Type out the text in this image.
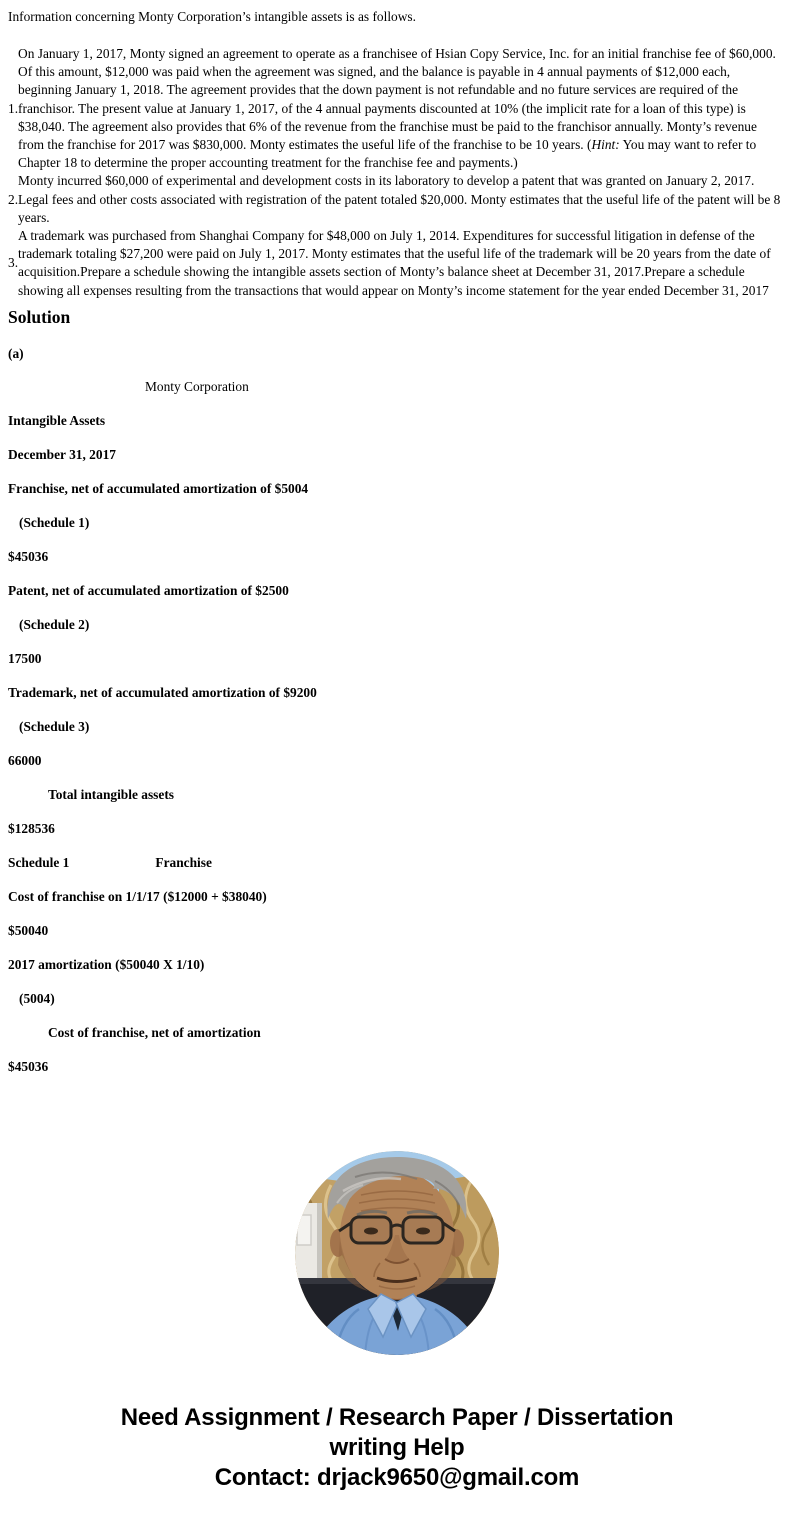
Information concerning Monty Corporation’s intangible assets is as follows.

1.
On January 1, 2017, Monty signed an agreement to operate as a franchisee of Hsian Copy Service, Inc. for an initial franchise fee of $60,000. Of this amount, $12,000 was paid when the agreement was signed, and the balance is payable in 4 annual payments of $12,000 each, beginning January 1, 2018. The agreement provides that the down payment is not refundable and no future services are required of the franchisor. The present value at January 1, 2017, of the 4 annual payments discounted at 10% (the implicit rate for a loan of this type) is $38,040. The agreement also provides that 6% of the revenue from the franchise must be paid to the franchisor annually. Monty’s revenue from the franchise for 2017 was $830,000. Monty estimates the useful life of the franchise to be 10 years. (Hint: You may want to refer to Chapter 18 to determine the proper accounting treatment for the franchise fee and payments.)
2.
Monty incurred $60,000 of experimental and development costs in its laboratory to develop a patent that was granted on January 2, 2017. Legal fees and other costs associated with registration of the patent totaled $20,000. Monty estimates that the useful life of the patent will be 8 years.
3.
A trademark was purchased from Shanghai Company for $48,000 on July 1, 2014. Expenditures for successful litigation in defense of the trademark totaling $27,200 were paid on July 1, 2017. Monty estimates that the useful life of the trademark will be 20 years from the date of acquisition.Prepare a schedule showing the intangible assets section of Monty’s balance sheet at December 31, 2017.Prepare a schedule showing all expenses resulting from the transactions that would appear on Monty’s income statement for the year ended December 31, 2017
Solution
(a)
Monty Corporation
Intangible Assets
December 31, 2017
Franchise, net of accumulated amortization of $5004
(Schedule 1)
$45036
Patent, net of accumulated amortization of $2500
(Schedule 2)
17500
Trademark, net of accumulated amortization of $9200
(Schedule 3)
66000
Total intangible assets
$128536
Schedule 1	Franchise
Cost of franchise on 1/1/17 ($12000 + $38040)
$50040
2017 amortization ($50040 X 1/10)
(5004)
Cost of franchise, net of amortization
$45036
Need Assignment / Research Paper / Dissertation
writing Help
Contact: drjack9650@gmail.com
